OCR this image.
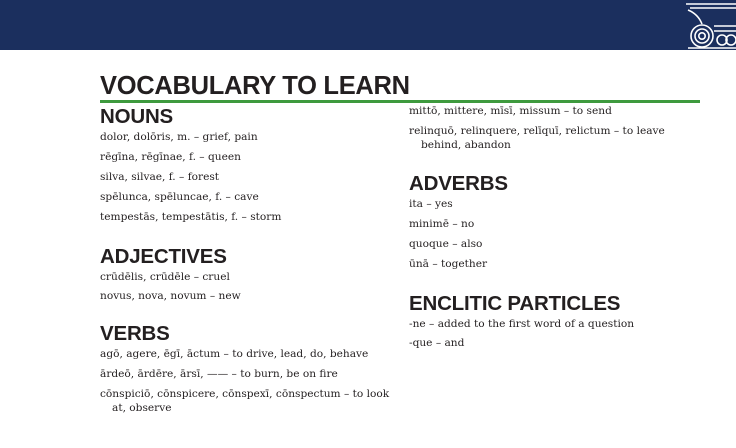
VOCABULARY TO LEARN
NOUNS
dolor, dolōris, m. – grief, pain
rēgīna, rēgīnae, f. – queen
silva, silvae, f. – forest
spēlunca, spēluncae, f. – cave
tempestās, tempestātis, f. – storm
ADJECTIVES
crūdēlis, crūdēle – cruel
novus, nova, novum – new
VERBS
agō, agere, ēgī, āctum – to drive, lead, do, behave
ārdeō, ārdēre, ārsī, —— – to burn, be on fire
cōnspiciō, cōnspicere, cōnspexī, cōnspectum – to look at, observe
mittō, mittere, mīsī, missum – to send
relinquō, relinquere, relīquī, relictum – to leave behind, abandon
ADVERBS
ita – yes
minimē – no
quoque – also
ūnā – together
ENCLITIC PARTICLES
-ne – added to the first word of a question
-que – and
